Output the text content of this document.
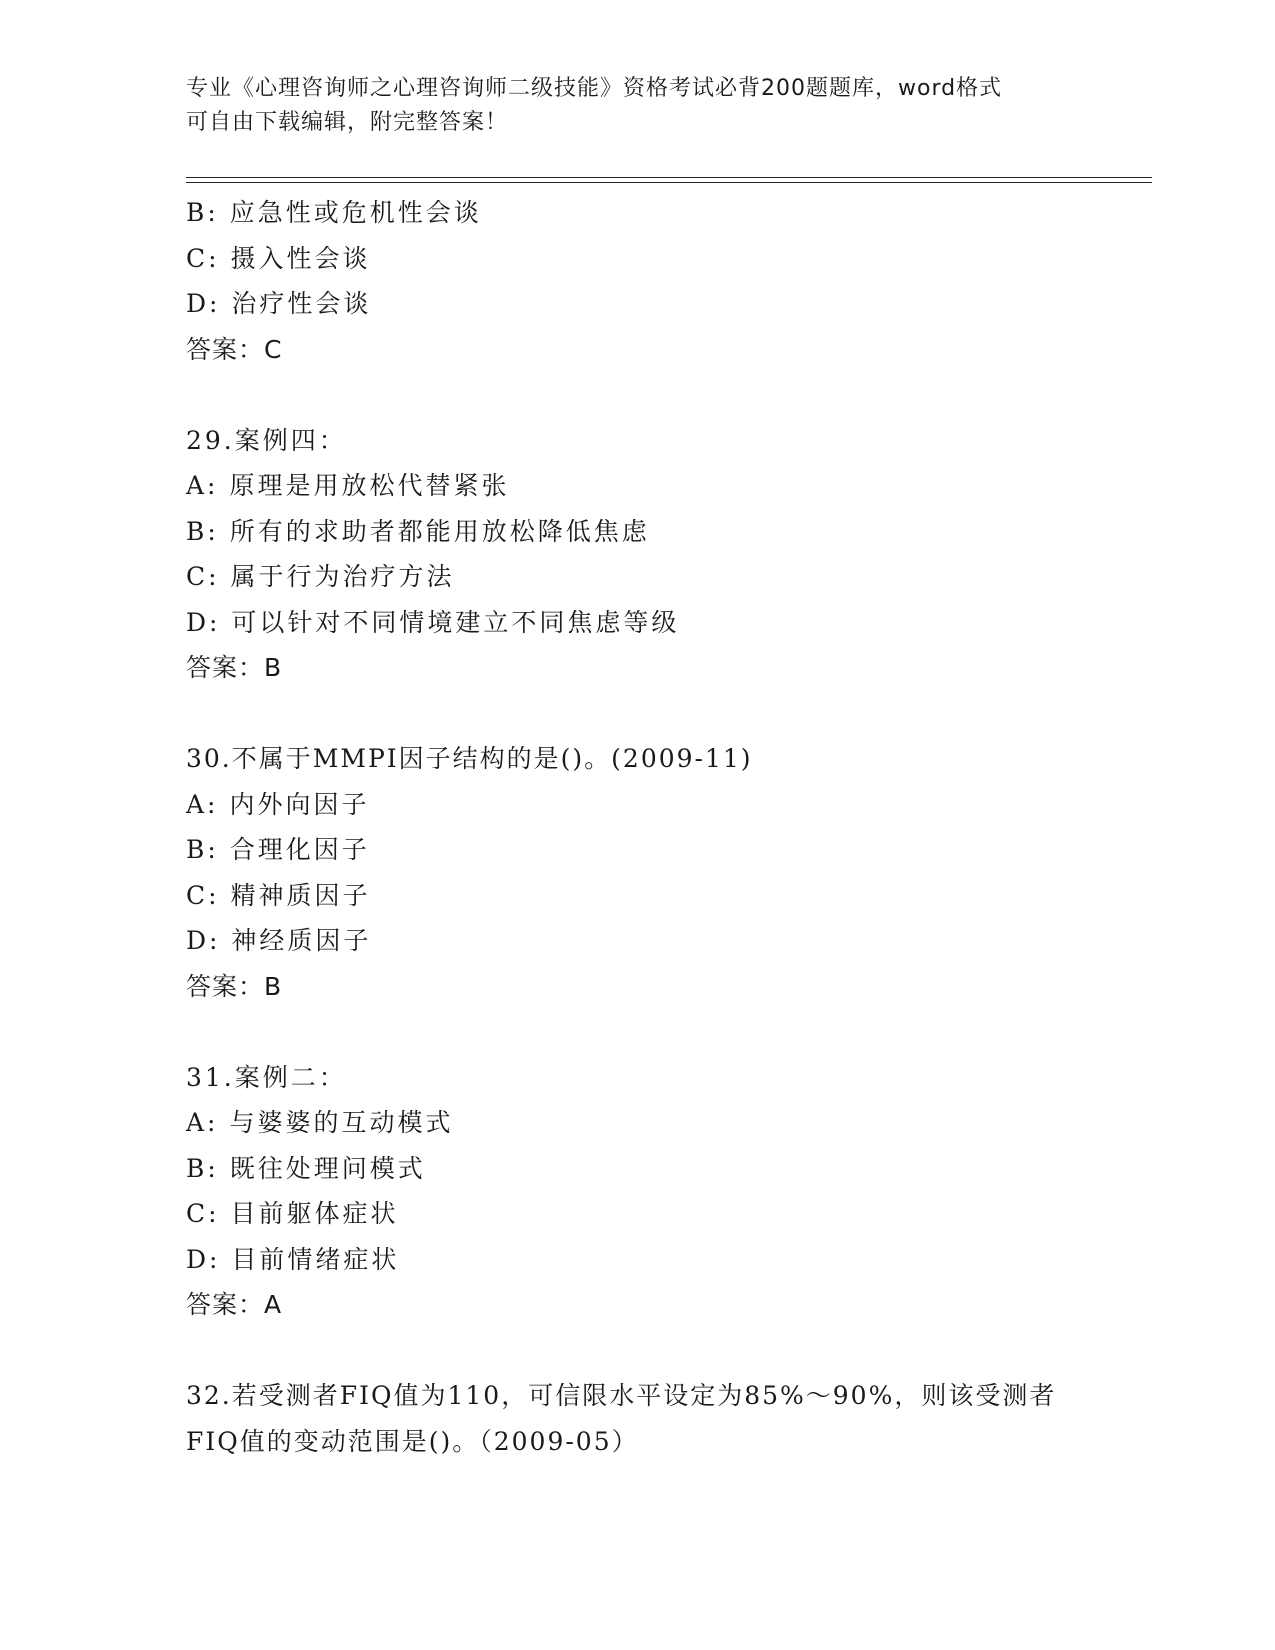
专业《心理咨询师之心理咨询师二级技能》资格考试必背200题题库，word格式
可自由下载编辑，附完整答案！
B: 应急性或危机性会谈
C: 摄入性会谈
D: 治疗性会谈
答案：C
29.案例四：
A: 原理是用放松代替紧张
B: 所有的求助者都能用放松降低焦虑
C: 属于行为治疗方法
D: 可以针对不同情境建立不同焦虑等级
答案：B
30.不属于MMPI因子结构的是()。(2009-11)
A: 内外向因子
B: 合理化因子
C: 精神质因子
D: 神经质因子
答案：B
31.案例二：
A: 与婆婆的互动模式
B: 既往处理问模式
C: 目前躯体症状
D: 目前情绪症状
答案：A
32.若受测者FIQ值为110，可信限水平设定为85%～90%，则该受测者
FIQ值的变动范围是()。（2009-05）
